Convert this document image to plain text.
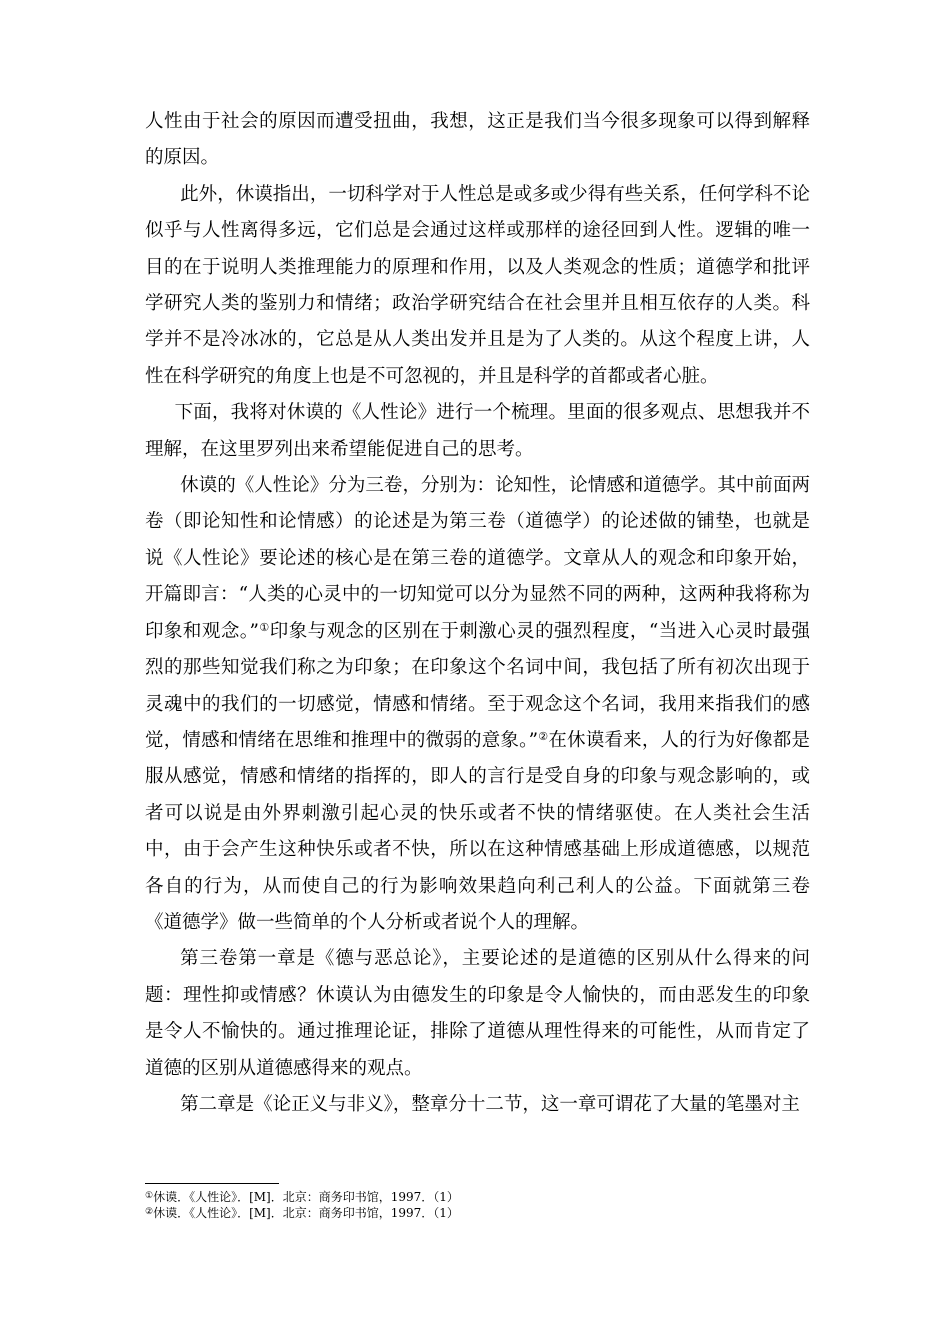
人性由于社会的原因而遭受扭曲，我想，这正是我们当今很多现象可以得到解释的原因。

此外，休谟指出，一切科学对于人性总是或多或少得有些关系，任何学科不论似乎与人性离得多远，它们总是会通过这样或那样的途径回到人性。逻辑的唯一目的在于说明人类推理能力的原理和作用，以及人类观念的性质；道德学和批评学研究人类的鉴别力和情绪；政治学研究结合在社会里并且相互依存的人类。科学并不是冷冰冰的，它总是从人类出发并且是为了人类的。从这个程度上讲，人性在科学研究的角度上也是不可忽视的，并且是科学的首都或者心脏。

下面，我将对休谟的《人性论》进行一个梳理。里面的很多观点、思想我并不理解，在这里罗列出来希望能促进自己的思考。

休谟的《人性论》分为三卷，分别为：论知性，论情感和道德学。其中前面两卷（即论知性和论情感）的论述是为第三卷（道德学）的论述做的铺垫，也就是说《人性论》要论述的核心是在第三卷的道德学。文章从人的观念和印象开始，开篇即言：“人类的心灵中的一切知觉可以分为显然不同的两种，这两种我将称为印象和观念。”①印象与观念的区别在于刺激心灵的强烈程度，“当进入心灵时最强烈的那些知觉我们称之为印象；在印象这个名词中间，我包括了所有初次出现于灵魂中的我们的一切感觉，情感和情绪。至于观念这个名词，我用来指我们的感觉，情感和情绪在思维和推理中的微弱的意象。”②在休谟看来，人的行为好像都是服从感觉，情感和情绪的指挥的，即人的言行是受自身的印象与观念影响的，或者可以说是由外界刺激引起心灵的快乐或者不快的情绪驱使。在人类社会生活中，由于会产生这种快乐或者不快，所以在这种情感基础上形成道德感，以规范各自的行为，从而使自己的行为影响效果趋向利己利人的公益。下面就第三卷《道德学》做一些简单的个人分析或者说个人的理解。

第三卷第一章是《德与恶总论》，主要论述的是道德的区别从什么得来的问题：理性抑或情感？休谟认为由德发生的印象是令人愉快的，而由恶发生的印象是令人不愉快的。通过推理论证，排除了道德从理性得来的可能性，从而肯定了道德的区别从道德感得来的观点。

第二章是《论正义与非义》，整章分十二节，这一章可谓花了大量的笔墨对主

①休谟．《人性论》．[M]．北京：商务印书馆，1997．（1）
②休谟．《人性论》．[M]．北京：商务印书馆，1997．（1）
